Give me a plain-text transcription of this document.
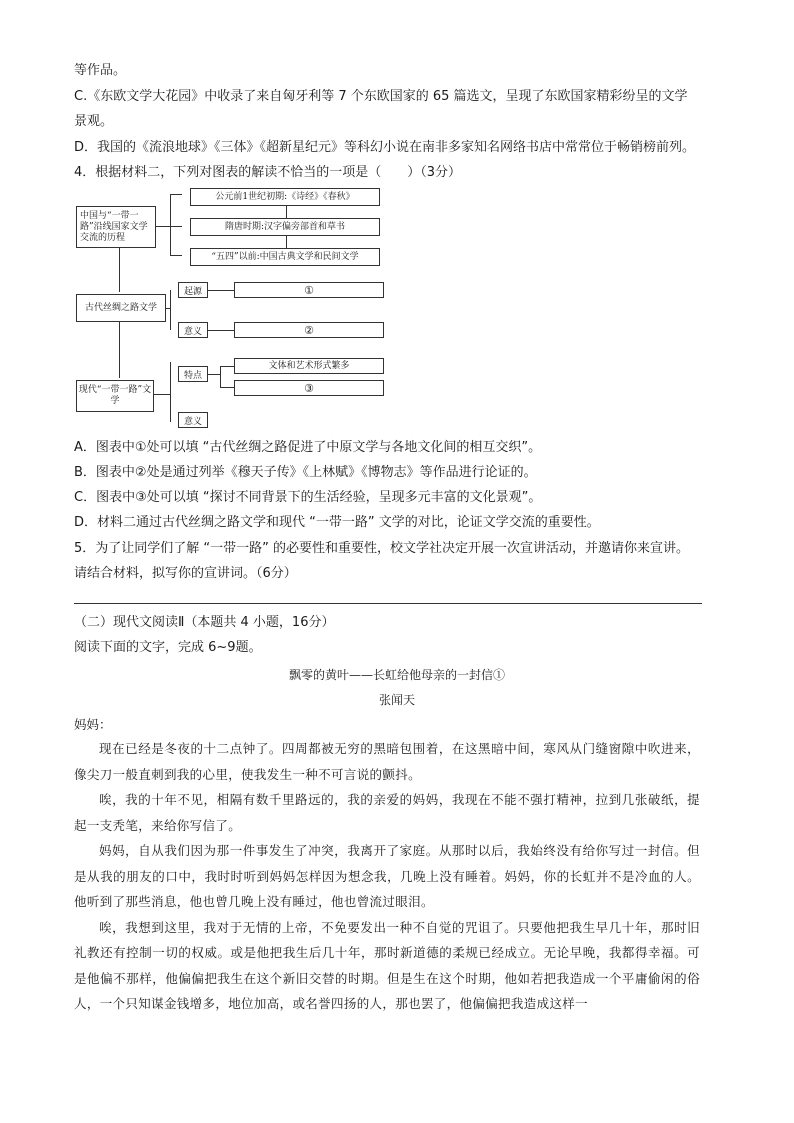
等作品。
C.《东欧文学大花园》中收录了来自匈牙利等 7 个东欧国家的 65 篇选文，呈现了东欧国家精彩纷呈的文学
景观。
D．我国的《流浪地球》《三体》《超新星纪元》等科幻小说在南非多家知名网络书店中常常位于畅销榜前列。
4．根据材料二，下列对图表的解读不恰当的一项是（　　）（3分）
中国与“一带一路”沿线国家文学交流的历程
古代丝绸之路文学
现代“一带一路”文学
公元前1世纪初期:《诗经》《春秋》
隋唐时期:汉字偏旁部首和草书
“五四”以前:中国古典文学和民间文学
起源
意义
①
②
特点
意义
文体和艺术形式繁多
③
A．图表中①处可以填 “古代丝绸之路促进了中原文学与各地文化间的相互交织”。
B．图表中②处是通过列举《穆天子传》《上林赋》《博物志》等作品进行论证的。
C．图表中③处可以填 “探讨不同背景下的生活经验，呈现多元丰富的文化景观”。
D．材料二通过古代丝绸之路文学和现代 “一带一路” 文学的对比，论证文学交流的重要性。
5．为了让同学们了解 “一带一路” 的必要性和重要性，校文学社决定开展一次宣讲活动，并邀请你来宣讲。
请结合材料，拟写你的宣讲词。（6分）
（二）现代文阅读Ⅱ（本题共 4 小题，16分）
阅读下面的文字，完成 6~9题。
飘零的黄叶——长虹给他母亲的一封信①
张闻天
妈妈：

现在已经是冬夜的十二点钟了。四周都被无穷的黑暗包围着，在这黑暗中间，寒风从门缝窗隙中吹进来，像尖刀一般直刺到我的心里，使我发生一种不可言说的颤抖。

唉，我的十年不见，相隔有数千里路远的，我的亲爱的妈妈，我现在不能不强打精神，拉到几张破纸，提起一支秃笔，来给你写信了。

妈妈，自从我们因为那一件事发生了冲突，我离开了家庭。从那时以后，我始终没有给你写过一封信。但是从我的朋友的口中，我时时听到妈妈怎样因为想念我，几晚上没有睡着。妈妈，你的长虹并不是冷血的人。他听到了那些消息，他也曾几晚上没有睡过，他也曾流过眼泪。

唉，我想到这里，我对于无情的上帝，不免要发出一种不自觉的咒诅了。只要他把我生早几十年，那时旧礼教还有控制一切的权威。或是他把我生后几十年，那时新道德的柔规已经成立。无论早晚，我都得幸福。可是他偏不那样，他偏偏把我生在这个新旧交替的时期。但是生在这个时期，他如若把我造成一个平庸偷闲的俗人，一个只知谋金钱增多，地位加高，或名誉四扬的人，那也罢了，他偏偏把我造成这样一
